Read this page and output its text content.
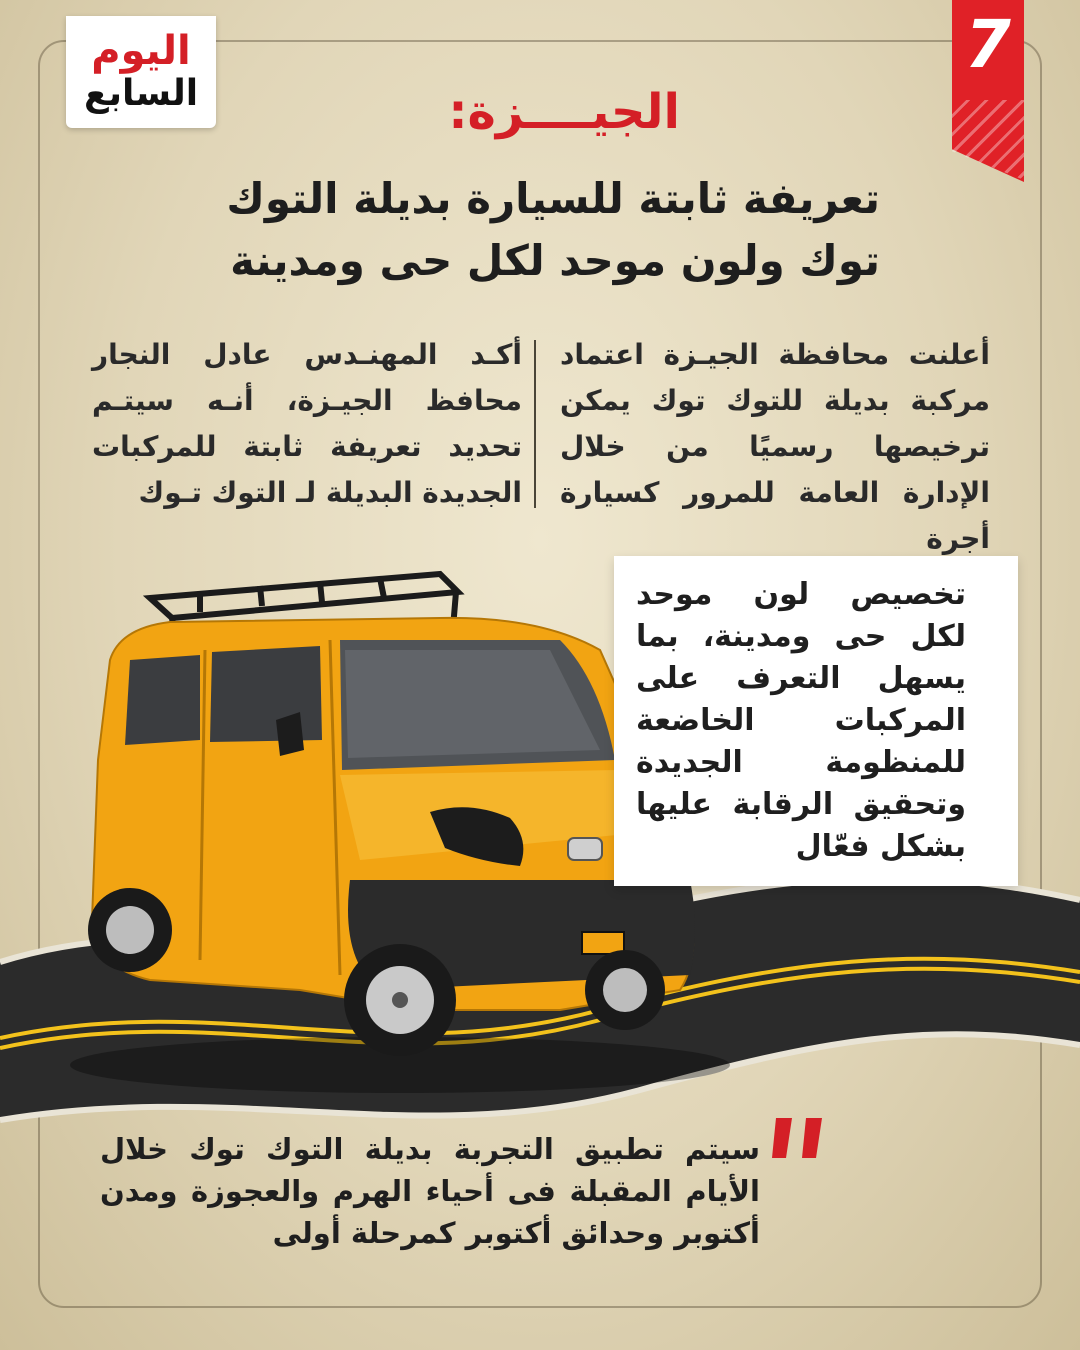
اليوم
السابع
7
الجيــــزة:
تعريفة ثابتة للسيارة بديلة التوك
توك ولون موحد لكل حى ومدينة
أعلنت محافظة الجيـزة اعتماد مركبة بديلة للتوك توك يمكن ترخيصها رسميًا من خلال الإدارة العامة للمرور كسيارة أجرة
أكـد المهنـدس عادل النجار محافظ الجيـزة، أنـه سيتـم تحديد تعريفة ثابتة للمركبات الجديدة البديلة لـ التوك تـوك
تخصيص لون موحد لكل حى ومدينة، بما يسهل التعرف على المركبات الخاضعة للمنظومة الجديدة وتحقيق الرقابة عليها بشكل فعّال
سيتم تطبيق التجربة بديلة التوك توك خلال الأيام المقبلة فى أحياء الهرم والعجوزة ومدن أكتوبر وحدائق أكتوبر كمرحلة أولى
